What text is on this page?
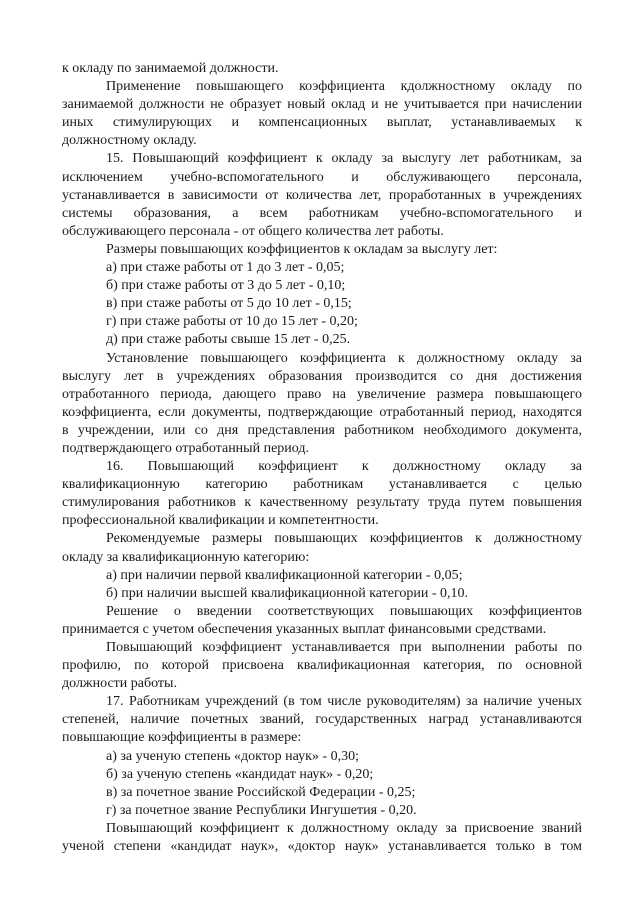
к окладу по занимаемой должности.
Применение повышающего коэффициента кдолжностному окладу по
занимаемой должности не образует новый оклад и не учитывается при начислении
иных стимулирующих и компенсационных выплат, устанавливаемых к
должностному окладу.
15. Повышающий коэффициент к окладу за выслугу лет работникам, за
исключением учебно-вспомогательного и обслуживающего персонала,
устанавливается в зависимости от количества лет, проработанных в учреждениях
системы образования, а всем работникам учебно-вспомогательного и
обслуживающего персонала - от общего количества лет работы.
Размеры повышающих коэффициентов к окладам за выслугу лет:
а) при стаже работы от 1 до 3 лет - 0,05;
б) при стаже работы от 3 до 5 лет - 0,10;
в) при стаже работы от 5 до 10 лет - 0,15;
г) при стаже работы от 10 до 15 лет - 0,20;
д) при стаже работы свыше 15 лет - 0,25.
Установление повышающего коэффициента к должностному окладу за
выслугу лет в учреждениях образования производится со дня достижения
отработанного периода, дающего право на увеличение размера повышающего
коэффициента, если документы, подтверждающие отработанный период, находятся
в учреждении, или со дня представления работником необходимого документа,
подтверждающего отработанный период.
16. Повышающий коэффициент к должностному окладу за
квалификационную категорию работникам устанавливается с целью
стимулирования работников к качественному результату труда путем повышения
профессиональной квалификации и компетентности.
Рекомендуемые размеры повышающих коэффициентов к должностному
окладу за квалификационную категорию:
а) при наличии первой квалификационной категории - 0,05;
б) при наличии высшей квалификационной категории - 0,10.
Решение о введении соответствующих повышающих коэффициентов
принимается с учетом обеспечения указанных выплат финансовыми средствами.
Повышающий коэффициент устанавливается при выполнении работы по
профилю, по которой присвоена квалификационная категория, по основной
должности работы.
17. Работникам учреждений (в том числе руководителям) за наличие ученых
степеней, наличие почетных званий, государственных наград устанавливаются
повышающие коэффициенты в размере:
а) за ученую степень «доктор наук» - 0,30;
б) за ученую степень «кандидат наук» - 0,20;
в) за почетное звание Российской Федерации - 0,25;
г) за почетное звание Республики Ингушетия - 0,20.
Повышающий коэффициент к должностному окладу за присвоение званий
ученой степени «кандидат наук», «доктор наук» устанавливается только в том
